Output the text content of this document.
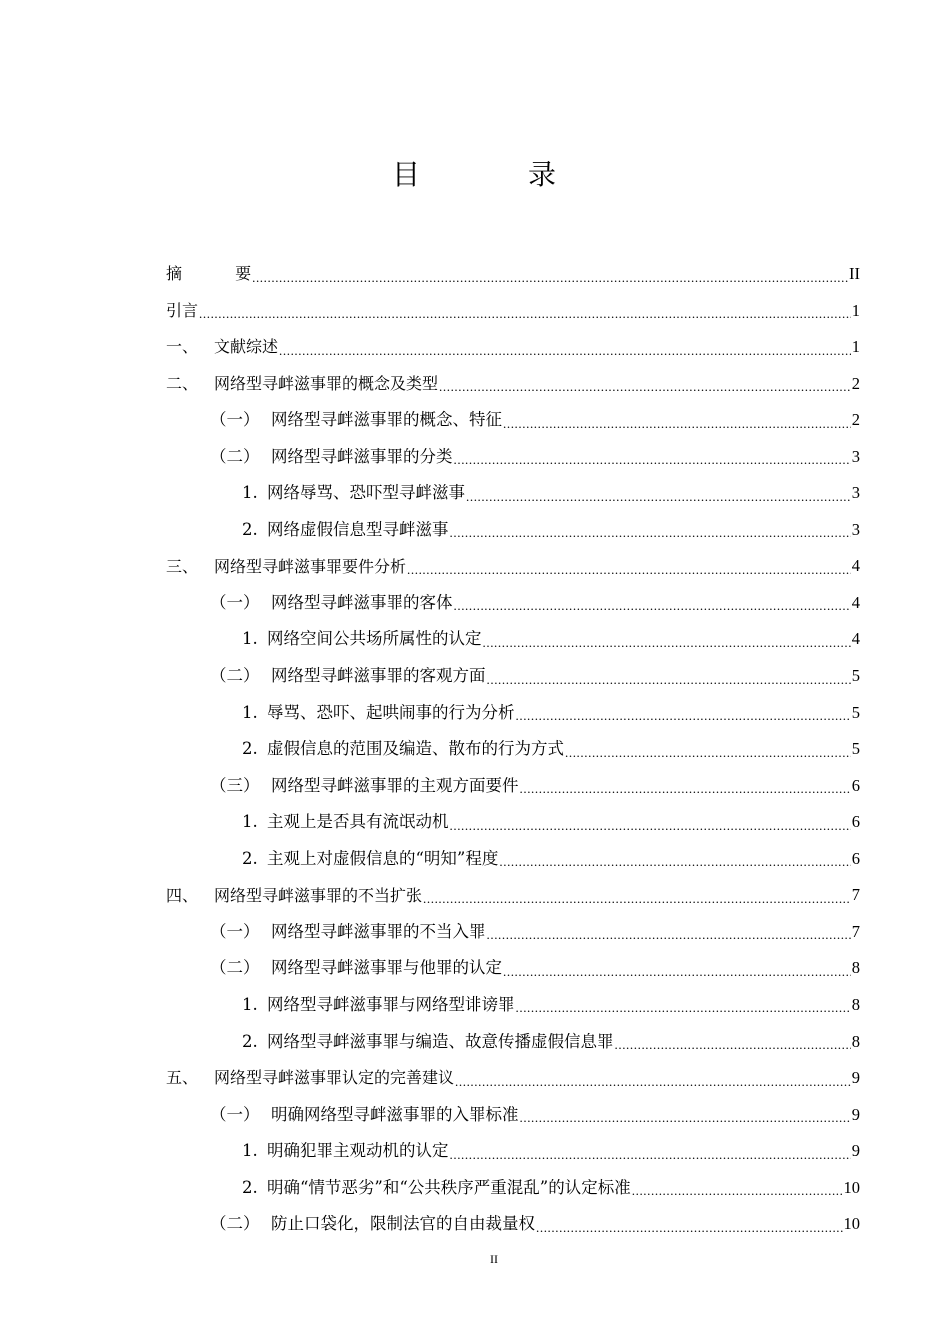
目　录
摘	　 要 .....	II
引言 .....	1
一、 文献综述 .....	1
二、 网络型寻衅滋事罪的概念及类型 .....	2
（一） 网络型寻衅滋事罪的概念、特征 .....	2
（二） 网络型寻衅滋事罪的分类 .....	3
1. 网络辱骂、恐吓型寻衅滋事 .....	3
2. 网络虚假信息型寻衅滋事 .....	3
三、 网络型寻衅滋事罪要件分析 .....	4
（一） 网络型寻衅滋事罪的客体 .....	4
1. 网络空间公共场所属性的认定 .....	4
（二） 网络型寻衅滋事罪的客观方面 .....	5
1. 辱骂、恐吓、起哄闹事的行为分析 .....	5
2. 虚假信息的范围及编造、散布的行为方式 .....	5
（三） 网络型寻衅滋事罪的主观方面要件 .....	6
1. 主观上是否具有流氓动机 .....	6
2. 主观上对虚假信息的“明知”程度 .....	6
四、 网络型寻衅滋事罪的不当扩张 .....	7
（一） 网络型寻衅滋事罪的不当入罪 .....	7
（二） 网络型寻衅滋事罪与他罪的认定 .....	8
1. 网络型寻衅滋事罪与网络型诽谤罪 .....	8
2. 网络型寻衅滋事罪与编造、故意传播虚假信息罪 .....	8
五、 网络型寻衅滋事罪认定的完善建议 .....	9
（一） 明确网络型寻衅滋事罪的入罪标准 .....	9
1. 明确犯罪主观动机的认定 .....	9
2. 明确“情节恶劣”和“公共秩序严重混乱”的认定标准 .....	10
（二） 防止口袋化，限制法官的自由裁量权 .....	10
II
